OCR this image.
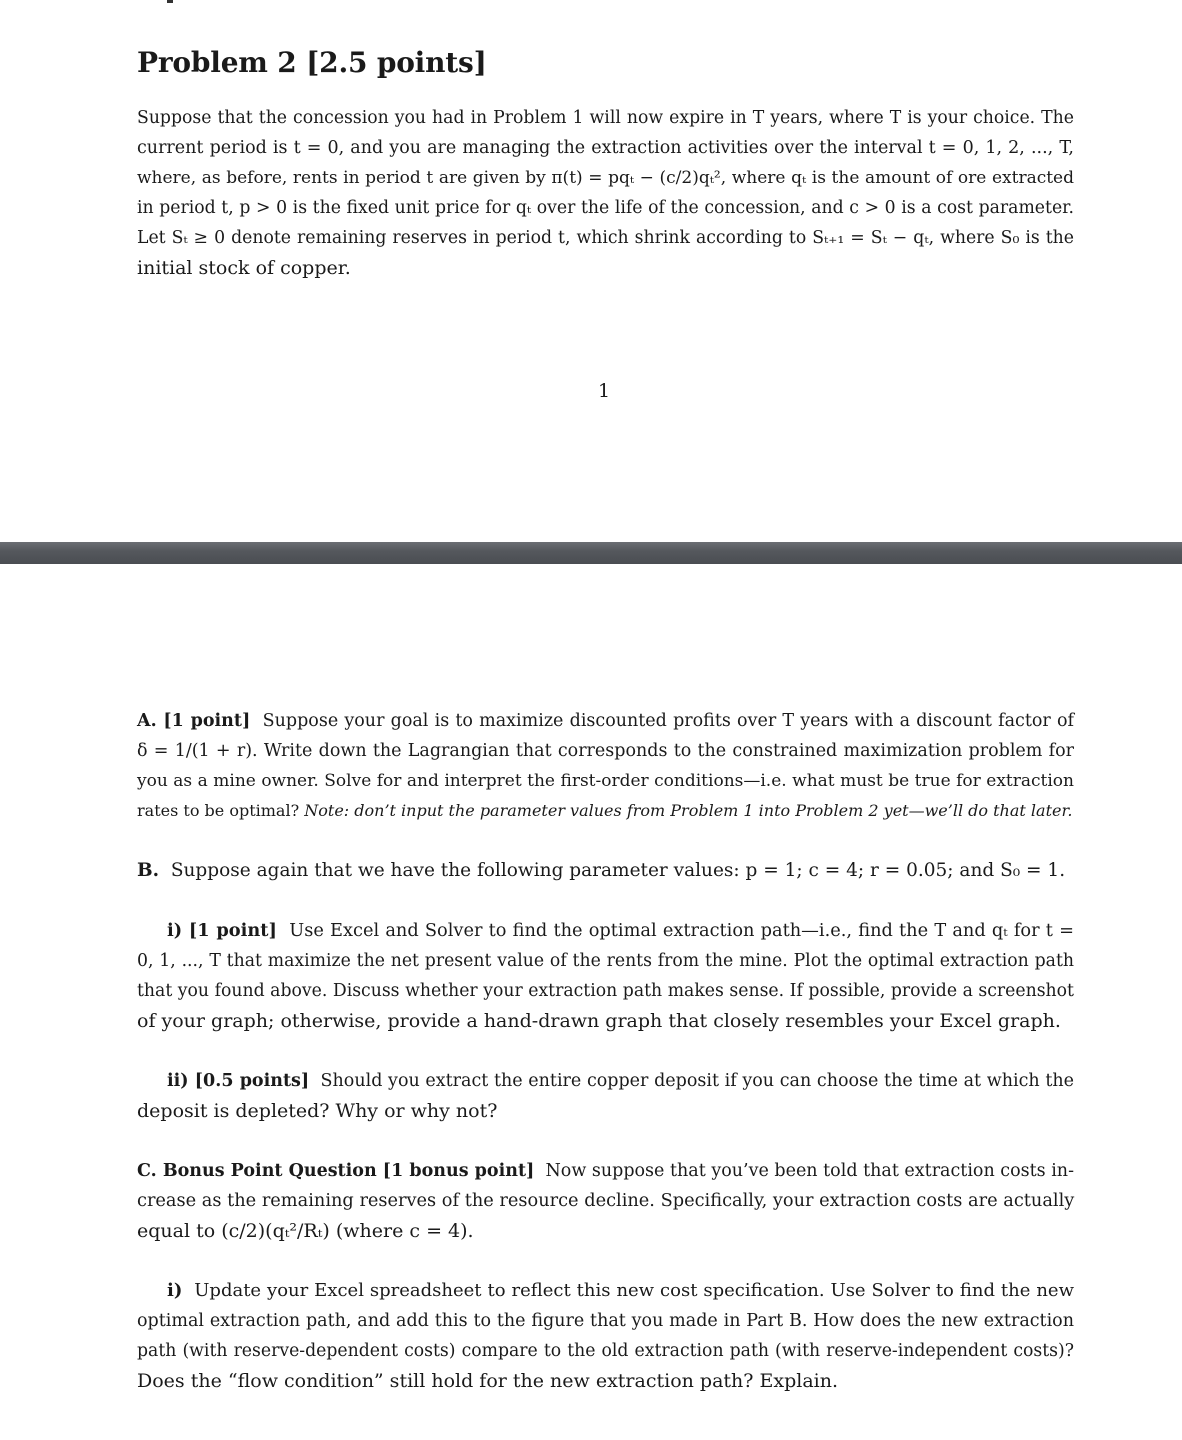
Problem 2 [2.5 points]
Suppose that the concession you had in Problem 1 will now expire in T years, where T is your choice. The
current period is t = 0, and you are managing the extraction activities over the interval t = 0, 1, 2, ..., T,
where, as before, rents in period t are given by π(t) = pqₜ − (c/2)qₜ², where qₜ is the amount of ore extracted
in period t, p > 0 is the fixed unit price for qₜ over the life of the concession, and c > 0 is a cost parameter.
Let Sₜ ≥ 0 denote remaining reserves in period t, which shrink according to Sₜ₊₁ = Sₜ − qₜ, where S₀ is the
initial stock of copper.
1
A. [1 point] Suppose your goal is to maximize discounted profits over T years with a discount factor of
δ = 1/(1 + r). Write down the Lagrangian that corresponds to the constrained maximization problem for
you as a mine owner. Solve for and interpret the first-order conditions—i.e. what must be true for extraction
rates to be optimal? Note: don’t input the parameter values from Problem 1 into Problem 2 yet—we’ll do that later.
B. Suppose again that we have the following parameter values: p = 1; c = 4; r = 0.05; and S₀ = 1.
i) [1 point] Use Excel and Solver to find the optimal extraction path—i.e., find the T and qₜ for t =
0, 1, ..., T that maximize the net present value of the rents from the mine. Plot the optimal extraction path
that you found above. Discuss whether your extraction path makes sense. If possible, provide a screenshot
of your graph; otherwise, provide a hand-drawn graph that closely resembles your Excel graph.
ii) [0.5 points] Should you extract the entire copper deposit if you can choose the time at which the
deposit is depleted? Why or why not?
C. Bonus Point Question [1 bonus point] Now suppose that you’ve been told that extraction costs in-
crease as the remaining reserves of the resource decline. Specifically, your extraction costs are actually
equal to (c/2)(qₜ²/Rₜ) (where c = 4).
i) Update your Excel spreadsheet to reflect this new cost specification. Use Solver to find the new
optimal extraction path, and add this to the figure that you made in Part B. How does the new extraction
path (with reserve-dependent costs) compare to the old extraction path (with reserve-independent costs)?
Does the “flow condition” still hold for the new extraction path? Explain.
